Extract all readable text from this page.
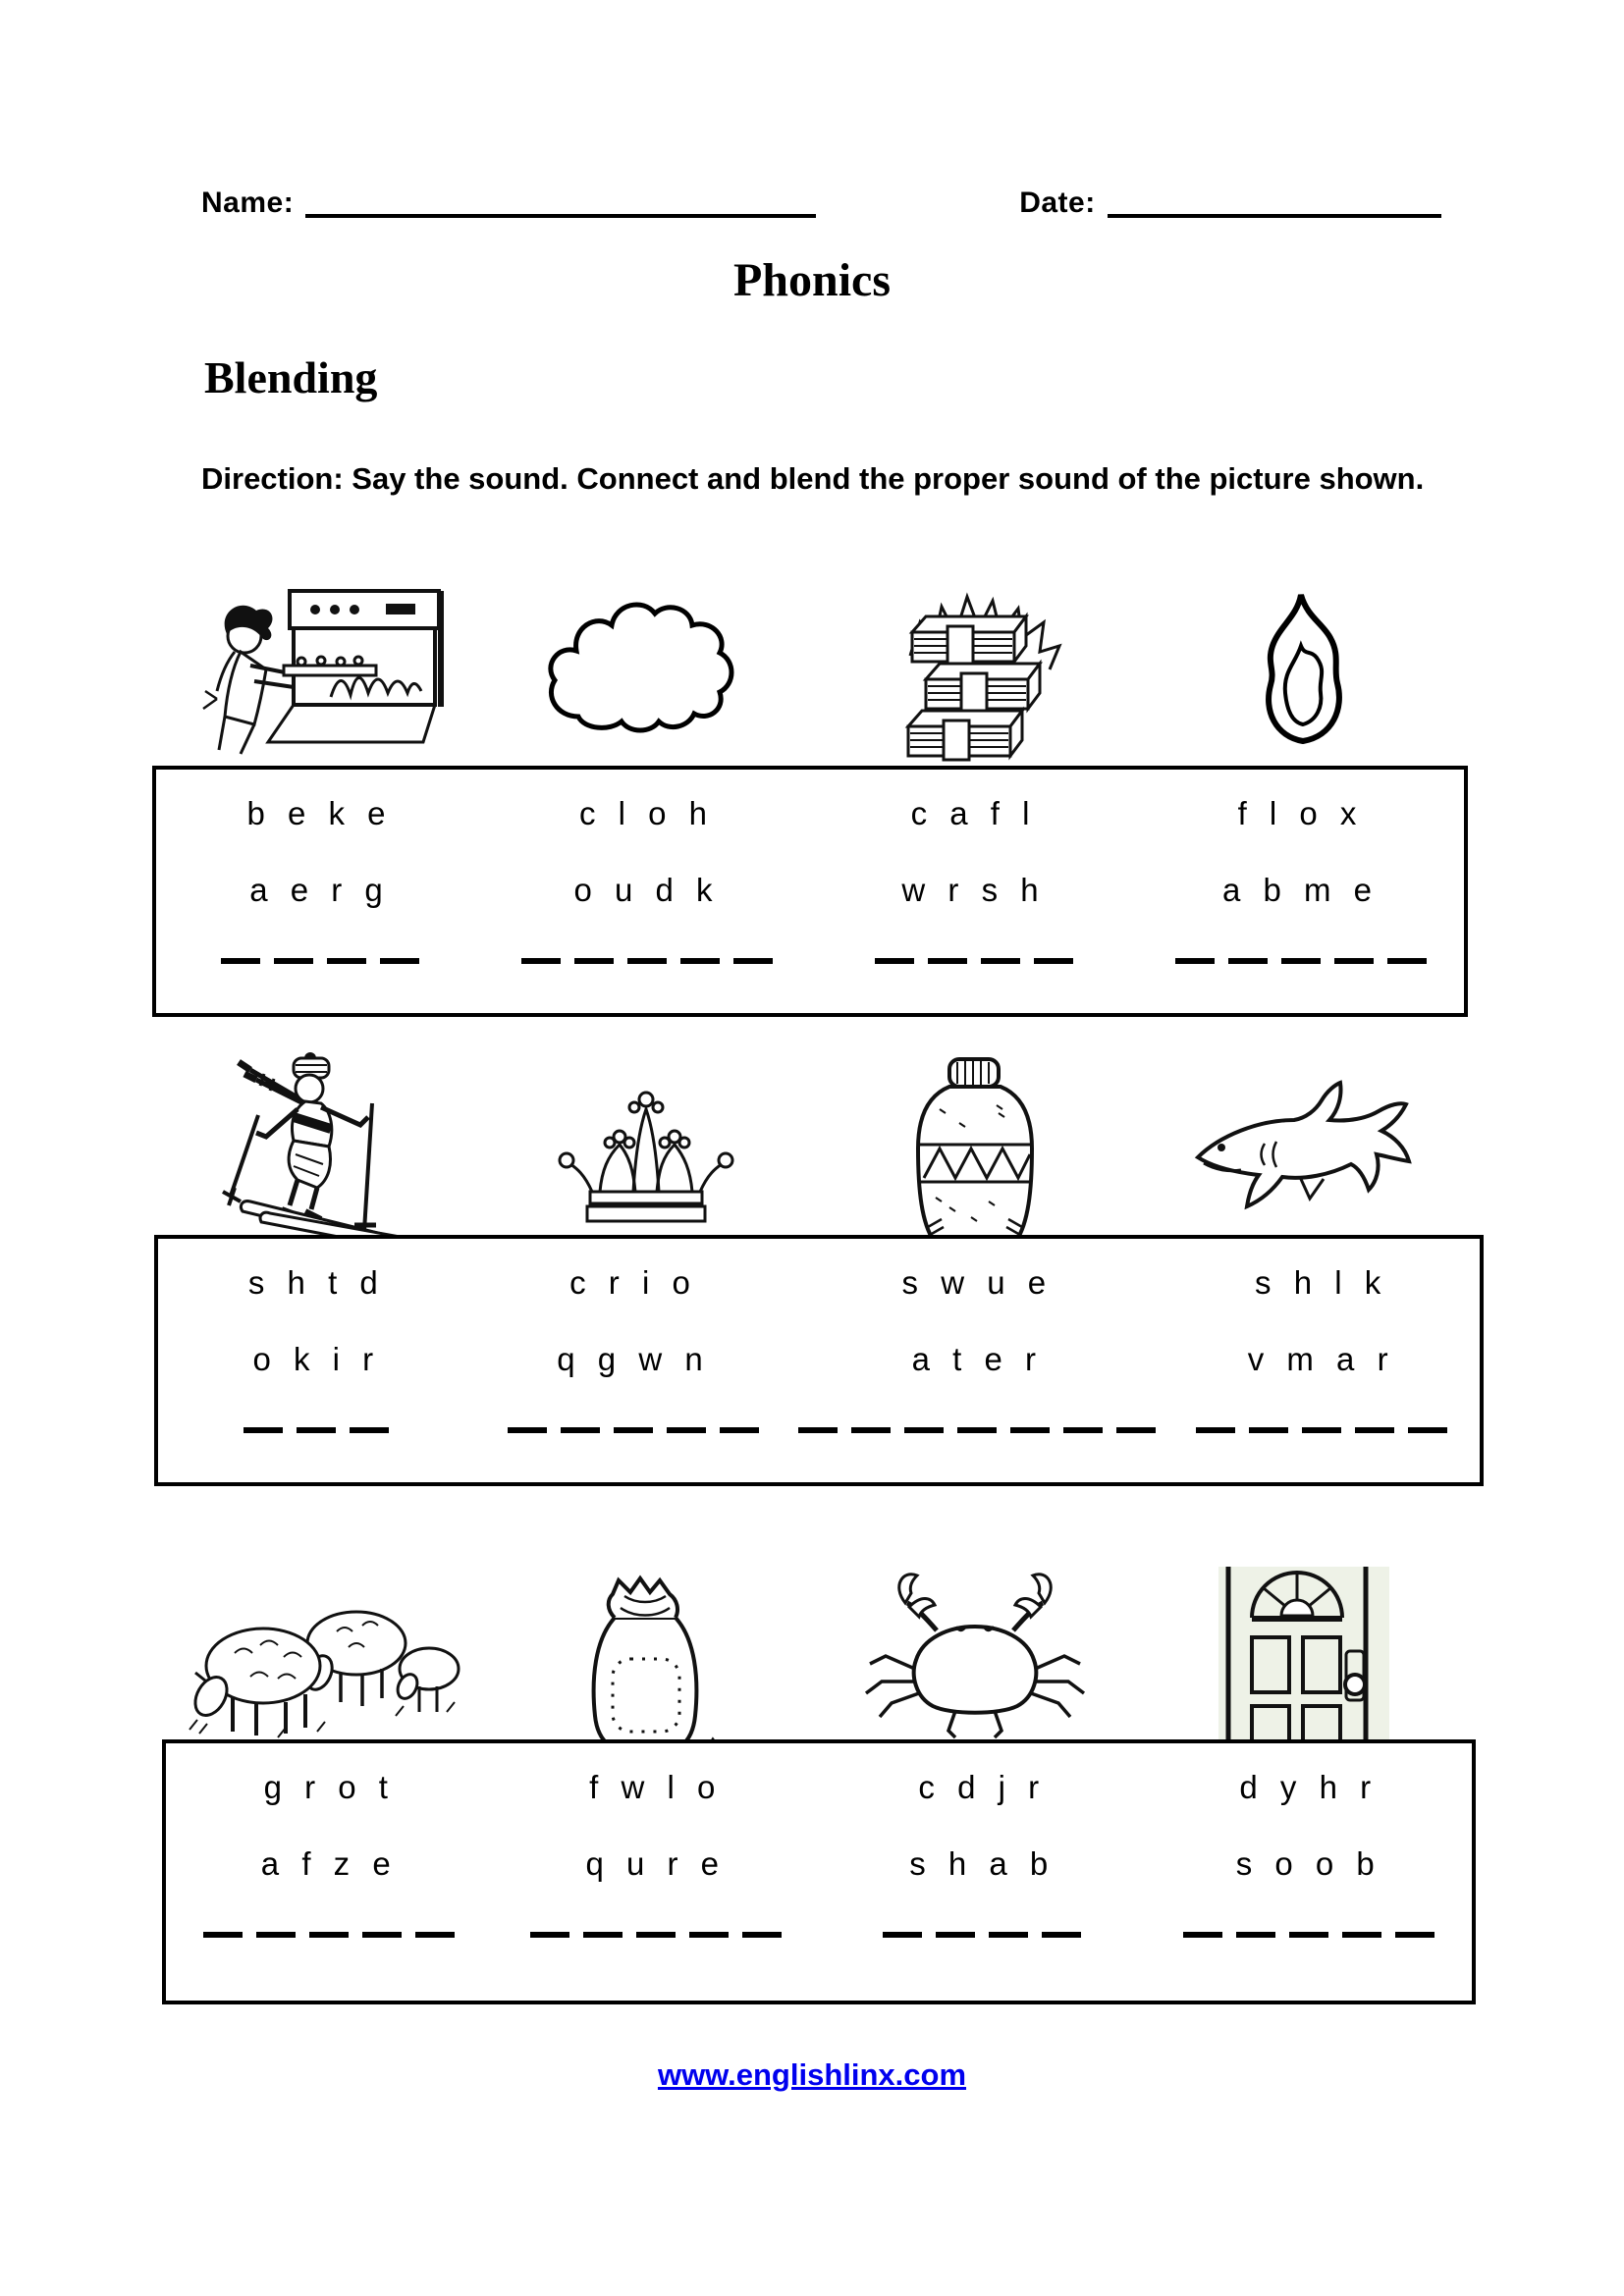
Name:	Date:
Phonics
Blending
Direction: Say the sound. Connect and blend the proper sound of the picture shown.
b e k e
a e r g
c l o h
o u d k
c a f l
w r s h
f l o x
a b m e
s h t d
o k i r
c r i o
q g w n
s w u e
a t e r
s h l k
v m a r
g r o t
a f z e
f w l o
q u r e
c d j r
s h a b
d y h r
s o o b
www.englishlinx.com
